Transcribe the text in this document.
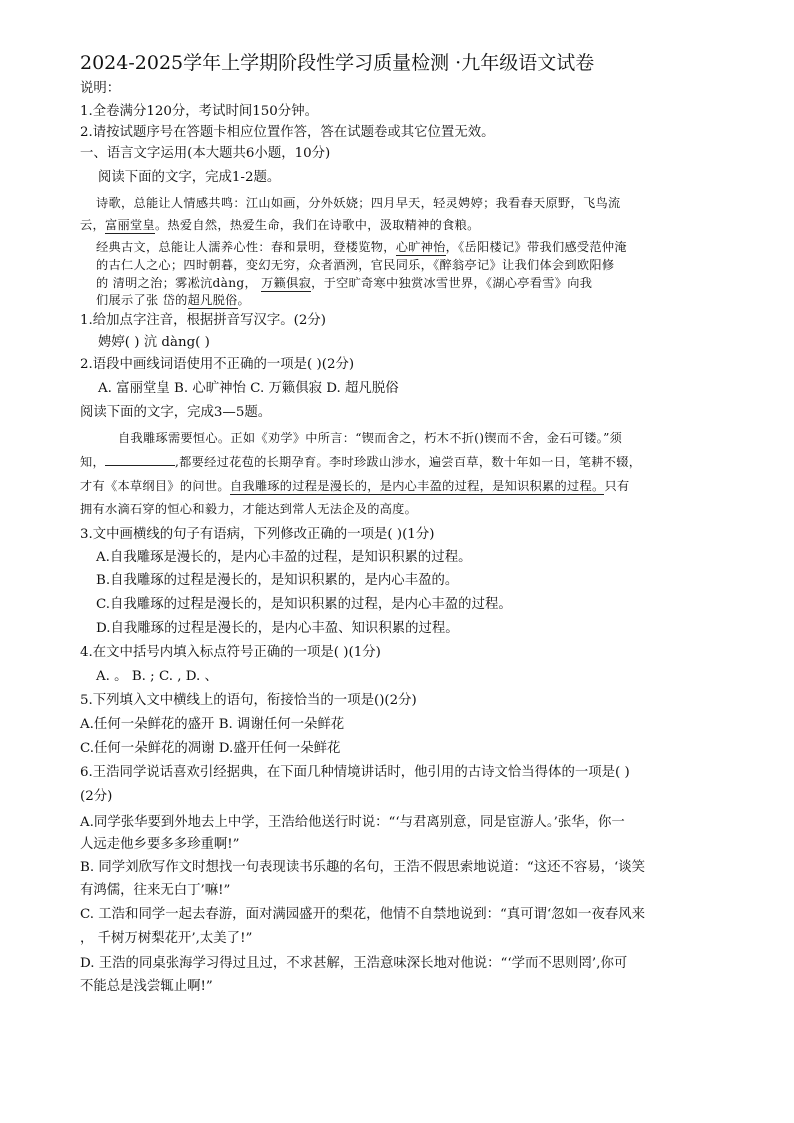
2024-2025学年上学期阶段性学习质量检测 ·九年级语文试卷
说明：
1.全卷满分120分，考试时间150分钟。
2.请按试题序号在答题卡相应位置作答，答在试题卷或其它位置无效。
一、语言文字运用(本大题共6小题，10分)
阅读下面的文字，完成1-2题。
诗歌，总能让人情感共鸣：江山如画，分外妖娆；四月早天，轻灵娉婷；我看春天原野，飞鸟流
云，富丽堂皇。热爱自然，热爱生命，我们在诗歌中，汲取精神的食粮。
经典古文，总能让人濡养心性：春和景明，登楼览物，心旷神怡，《岳阳楼记》带我们感受范仲淹
的古仁人之心；四时朝暮，变幻无穷，众者酒洌，官民同乐，《醉翁亭记》让我们体会到欧阳修
的 清明之治；雾凇沆dàng， 万籁俱寂，于空旷奇寒中独赏冰雪世界，《湖心亭看雪》向我
们展示了张 岱的超凡脱俗。
1.给加点字注音，根据拼音写汉字。(2分)
娉婷( ) 沆 dàng( )
2.语段中画线词语使用不正确的一项是( )(2分)
A. 富丽堂皇 B. 心旷神怡 C. 万籁俱寂 D. 超凡脱俗
阅读下面的文字，完成3—5题。
自我雕琢需要恒心。正如《劝学》中所言：“锲而舍之，朽木不折()锲而不舍，金石可镂。”须
知，	,都要经过花苞的长期孕育。李时珍跋山涉水，遍尝百草，数十年如一日，笔耕不辍，
才有《本草纲目》的问世。自我雕琢的过程是漫长的，是内心丰盈的过程，是知识积累的过程。只有
拥有水滴石穿的恒心和毅力，才能达到常人无法企及的高度。
3.文中画横线的句子有语病，下列修改正确的一项是( )(1分)
A.自我雕琢是漫长的，是内心丰盈的过程，是知识积累的过程。
B.自我雕琢的过程是漫长的，是知识积累的，是内心丰盈的。
C.自我雕琢的过程是漫长的，是知识积累的过程，是内心丰盈的过程。
D.自我雕琢的过程是漫长的，是内心丰盈、知识积累的过程。
4.在文中括号内填入标点符号正确的一项是( )(1分)
A. 。 B. ; C. , D. 、
5.下列填入文中横线上的语句，衔接恰当的一项是()(2分)
A.任何一朵鲜花的盛开 B. 调谢任何一朵鲜花
C.任何一朵鲜花的凋谢 D.盛开任何一朵鲜花
6.王浩同学说话喜欢引经据典，在下面几种情境讲话时，他引用的古诗文恰当得体的一项是( )
(2分)
A.同学张华要到外地去上中学，王浩给他送行时说：“‘与君离别意，同是宦游人。’张华，你一
人远走他乡要多多珍重啊!”
B. 同学刘欣写作文时想找一句表现读书乐趣的名句，王浩不假思索地说道：“这还不容易，‘谈笑
有鸿儒，往来无白丁’嘛!”
C. 工浩和同学一起去春游，面对满园盛开的梨花，他情不自禁地说到：“真可谓‘忽如一夜春风来
， 千树万树梨花开’,太美了!”
D. 王浩的同桌张海学习得过且过，不求甚解，王浩意味深长地对他说：“‘学而不思则罔’,你可
不能总是浅尝辄止啊!”
